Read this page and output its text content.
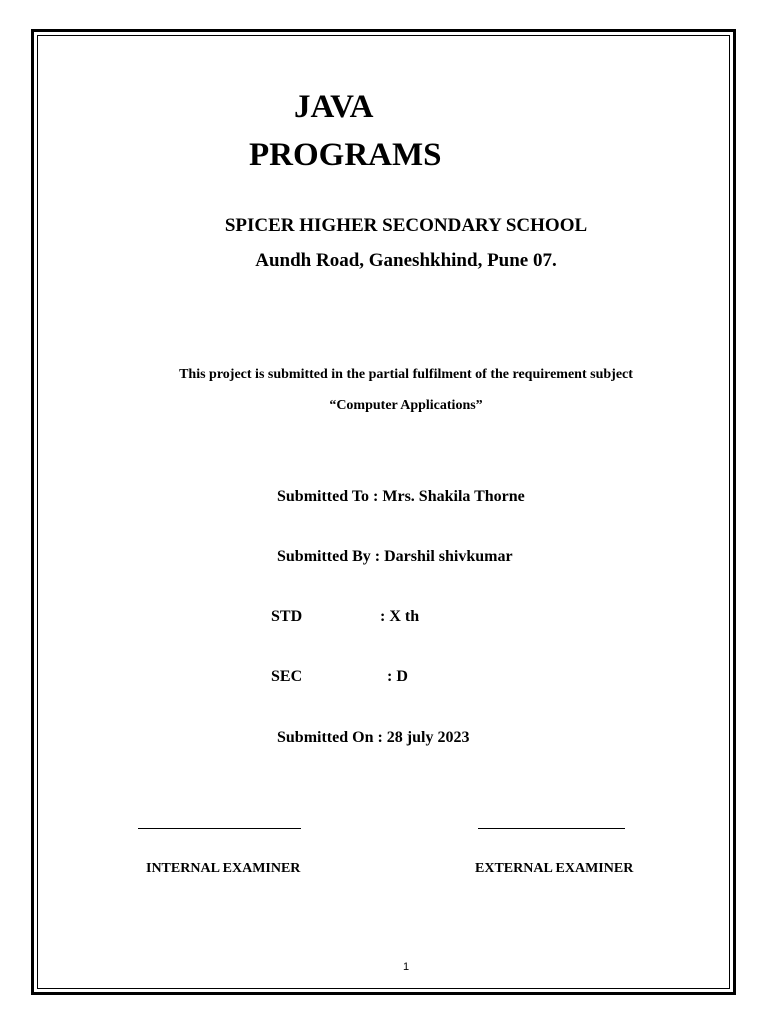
JAVA
PROGRAMS
SPICER HIGHER SECONDARY SCHOOL
Aundh Road, Ganeshkhind, Pune 07.
This project is submitted in the partial fulfilment of the requirement subject
“Computer Applications”
Submitted To : Mrs. Shakila Thorne
Submitted By : Darshil shivkumar
STD	: X th
SEC	: D
Submitted On : 28 july 2023
INTERNAL EXAMINER	EXTERNAL EXAMINER
1
